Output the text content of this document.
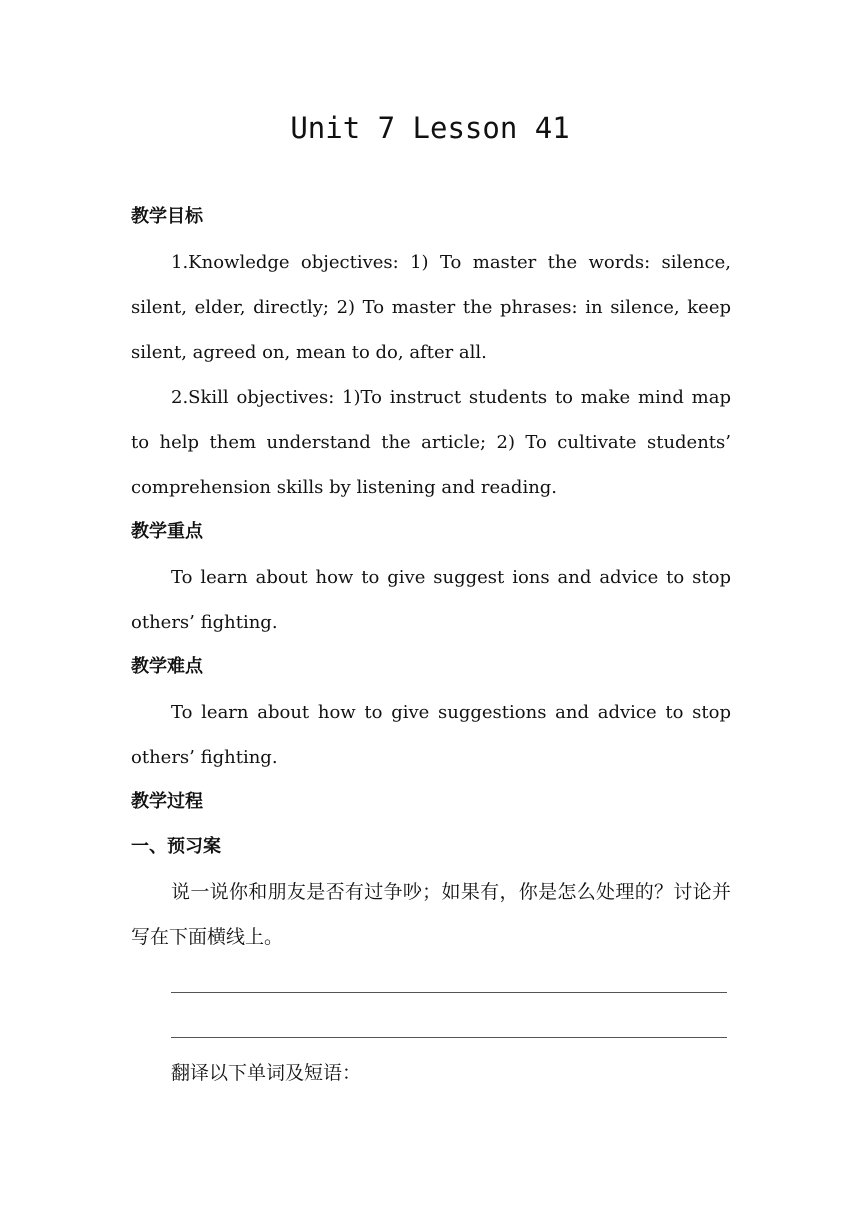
Unit 7 Lesson 41
教学目标

1.Knowledge objectives: 1) To master the words: silence, silent, elder, directly; 2) To master the phrases: in silence, keep silent, agreed on, mean to do, after all.

2.Skill objectives: 1)To instruct students to make mind map to help them understand the article; 2) To cultivate students’ comprehension skills by listening and reading.

教学重点

To learn about how to give suggest ions and advice to stop others’ fighting.

教学难点

To learn about how to give suggestions and advice to stop others’ fighting.

教学过程
一、预习案

说一说你和朋友是否有过争吵；如果有，你是怎么处理的？讨论并写在下面横线上。

翻译以下单词及短语：
